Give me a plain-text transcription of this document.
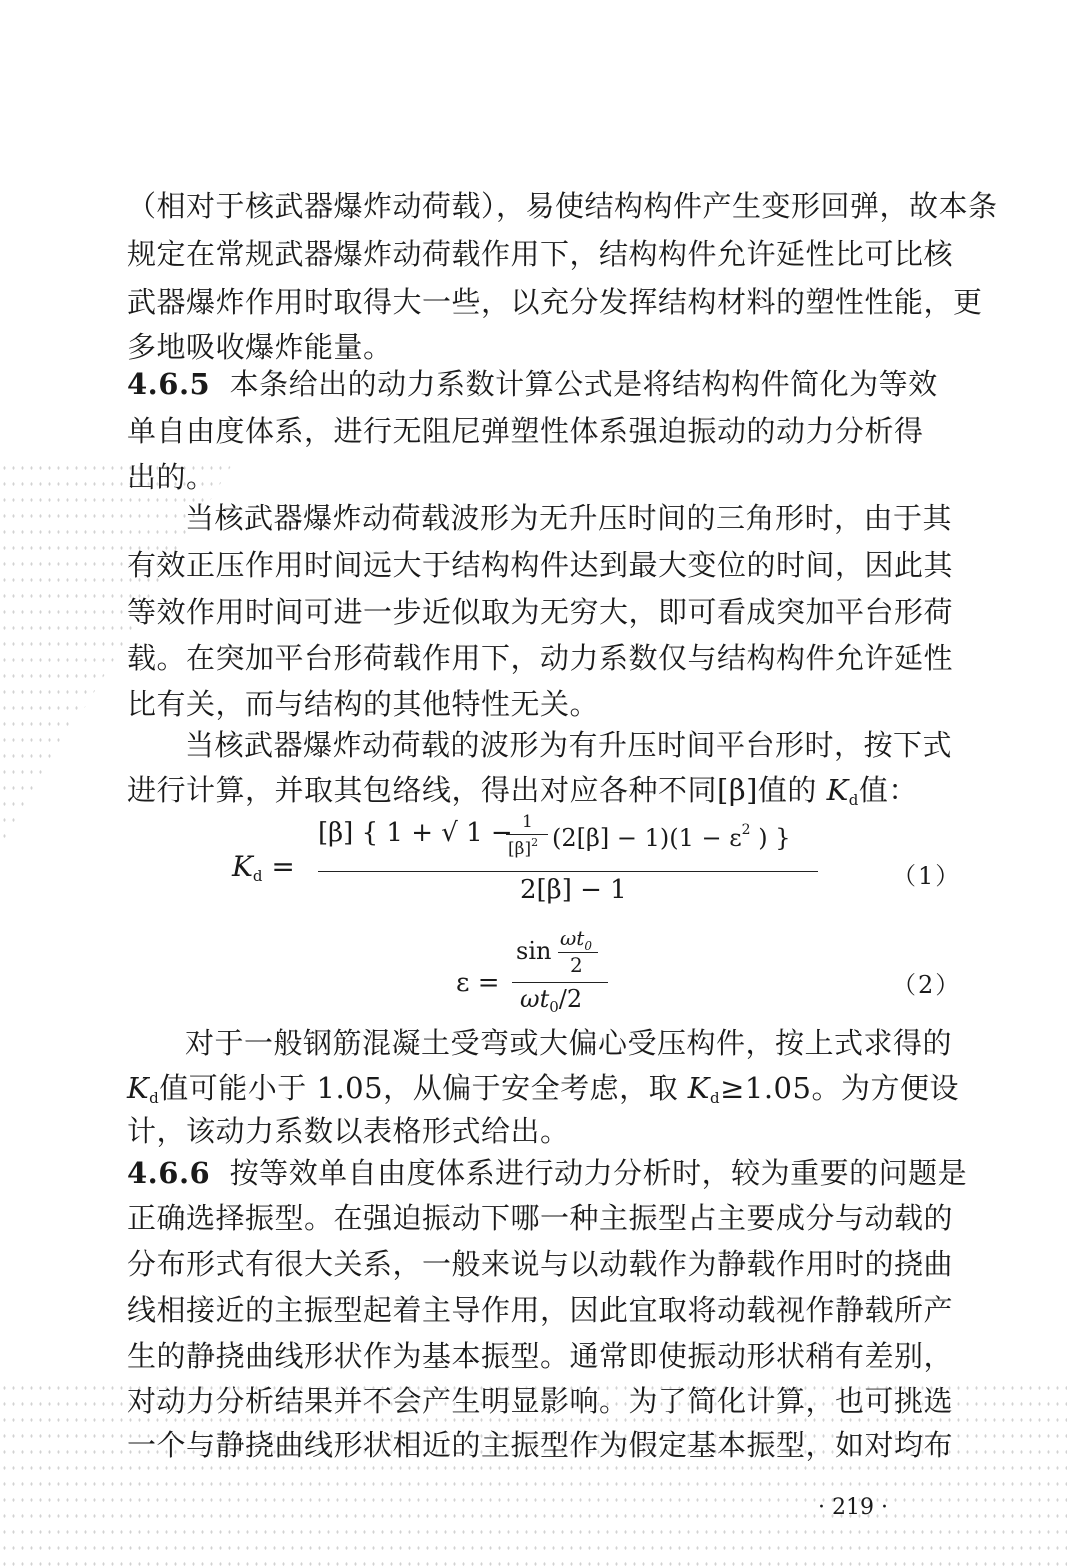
（相对于核武器爆炸动荷载），易使结构构件产生变形回弹，故本条
规定在常规武器爆炸动荷载作用下，结构构件允许延性比可比核
武器爆炸作用时取得大一些，以充分发挥结构材料的塑性性能，更
多地吸收爆炸能量。
4.6.5 本条给出的动力系数计算公式是将结构构件简化为等效
单自由度体系，进行无阻尼弹塑性体系强迫振动的动力分析得
出的。
当核武器爆炸动荷载波形为无升压时间的三角形时，由于其
有效正压作用时间远大于结构构件达到最大变位的时间，因此其
等效作用时间可进一步近似取为无穷大，即可看成突加平台形荷
载。在突加平台形荷载作用下，动力系数仅与结构构件允许延性
比有关，而与结构的其他特性无关。
当核武器爆炸动荷载的波形为有升压时间平台形时，按下式
进行计算，并取其包络线，得出对应各种不同[β]值的 $K_d$值：
$K_d$ =
[β] { 1 + √ 1 − 1
$[\beta]^2$ $(2[\beta] - 1)(1 - \varepsilon^2$ ) }
2[β] − 1	（1）
ε =
$\sin \omega t_0$
2
$\omega t_0/2$	（2）
对于一般钢筋混凝土受弯或大偏心受压构件，按上式求得的
$K_d$值可能小于 1.05，从偏于安全考虑，取 $K_d\ge 1.05$。为方便设
计，该动力系数以表格形式给出。
4.6.6 按等效单自由度体系进行动力分析时，较为重要的问题是
正确选择振型。在强迫振动下哪一种主振型占主要成分与动载的
分布形式有很大关系，一般来说与以动载作为静载作用时的挠曲
线相接近的主振型起着主导作用，因此宜取将动载视作静载所产
生的静挠曲线形状作为基本振型。通常即使振动形状稍有差别，
对动力分析结果并不会产生明显影响。为了简化计算，也可挑选
一个与静挠曲线形状相近的主振型作为假定基本振型，如对均布
· 219 ·
